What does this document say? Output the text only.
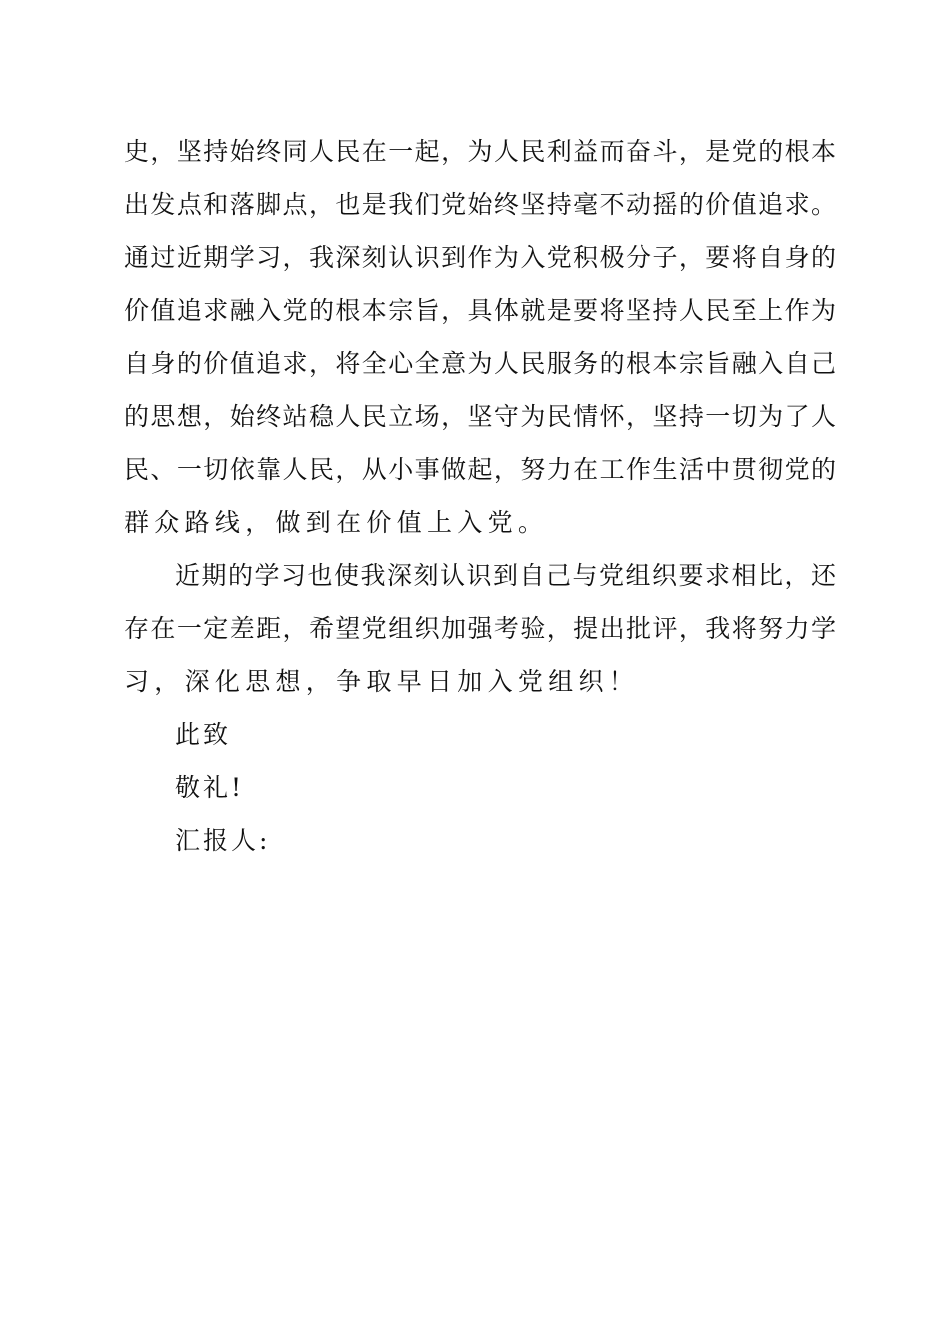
史，坚持始终同人民在一起，为人民利益而奋斗，是党的根本
出发点和落脚点，也是我们党始终坚持毫不动摇的价值追求。
通过近期学习，我深刻认识到作为入党积极分子，要将自身的
价值追求融入党的根本宗旨，具体就是要将坚持人民至上作为
自身的价值追求，将全心全意为人民服务的根本宗旨融入自己
的思想，始终站稳人民立场，坚守为民情怀，坚持一切为了人
民、一切依靠人民，从小事做起，努力在工作生活中贯彻党的
群众路线，做到在价值上入党。
近期的学习也使我深刻认识到自己与党组织要求相比，还
存在一定差距，希望党组织加强考验，提出批评，我将努力学
习，深化思想，争取早日加入党组织！
此致
敬礼!
汇报人:
